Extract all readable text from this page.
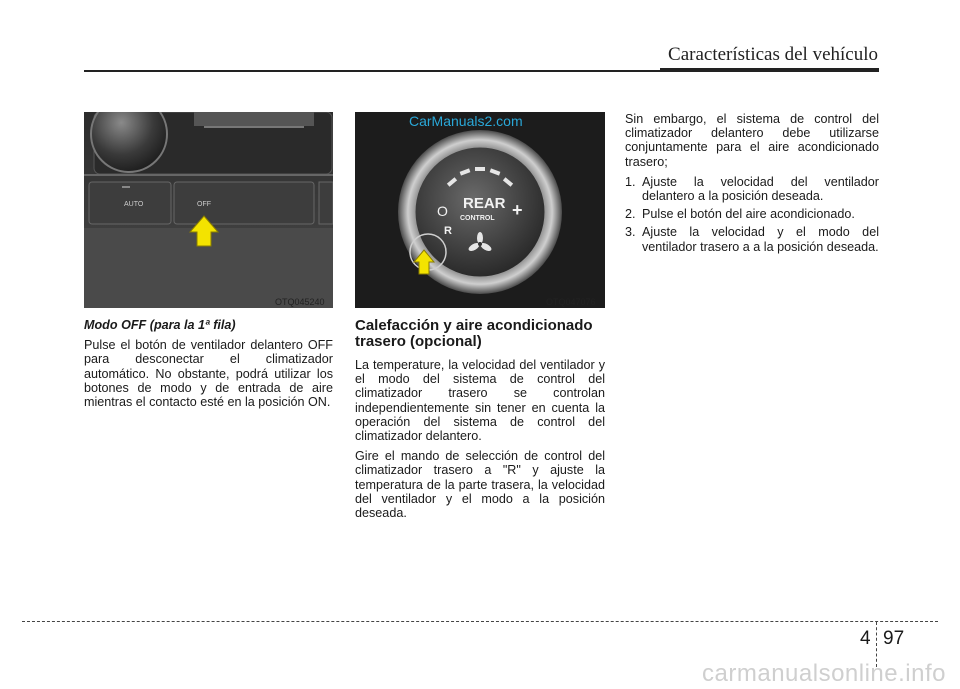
Características del vehículo
AUTO	OFF
OTQ045240
REAR
CONTROL
O	+
R
CarManuals2.com
OTQ047076
Modo OFF (para la 1ª fila)

Pulse el botón de ventilador delantero OFF para desconectar el climatizador automático. No obstante, podrá utilizar los botones de modo y de entrada de aire mientras el contacto esté en la posición ON.

Calefacción y aire acondicionado trasero (opcional)

La temperature, la velocidad del ventilador y el modo del sistema de control del climatizador trasero se controlan independientemente sin tener en cuenta la operación del sistema de control del climatizador delantero.

Gire el mando de selección de control del climatizador trasero a "R" y ajuste la temperatura de la parte trasera, la velocidad del ventilador y el modo a la posición deseada.

Sin embargo, el sistema de control del climatizador delantero debe utilizarse conjuntamente para el aire acondicionado trasero;

1. Ajuste la velocidad del ventilador delantero a la posición deseada.
2. Pulse el botón del aire acondicionado.
3. Ajuste la velocidad y el modo del ventilador trasero a a la posición deseada.
4 97
carmanualsonline.info
